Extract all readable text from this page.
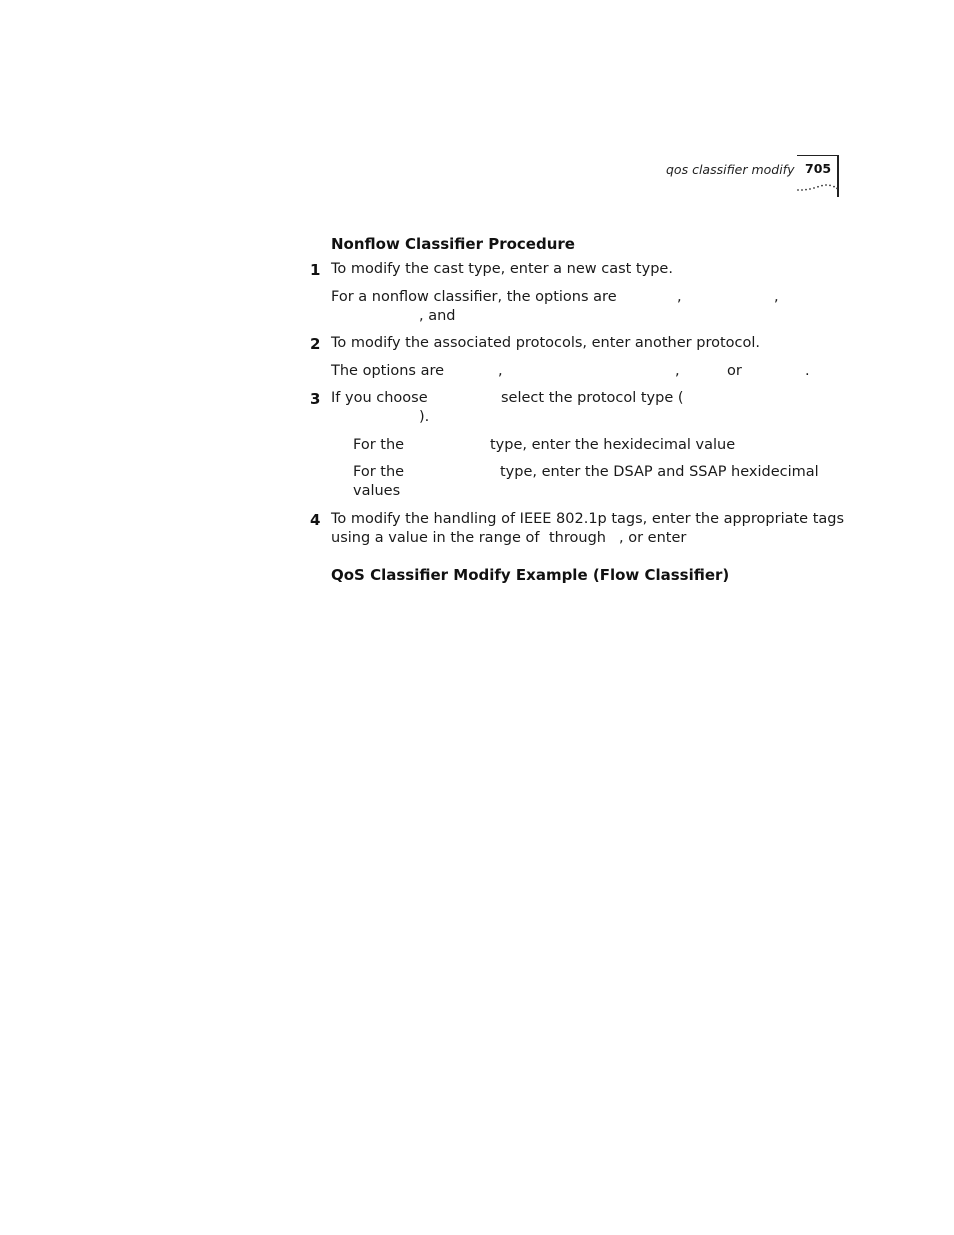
qos classifier modify 705
Nonflow Classifier Procedure
1 To modify the cast type, enter a new cast type.
For a nonflow classifier, the options are	,	,
, and
2 To modify the associated protocols, enter another protocol.
The options are	,	,	or	.
3 If you choose	select the protocol type (
).
For the	type, enter the hexidecimal value
For the	type, enter the DSAP and SSAP hexidecimal
values
4 To modify the handling of IEEE 802.1p tags, enter the appropriate tags
using a value in the range of through , or enter
QoS Classifier Modify Example (Flow Classifier)
